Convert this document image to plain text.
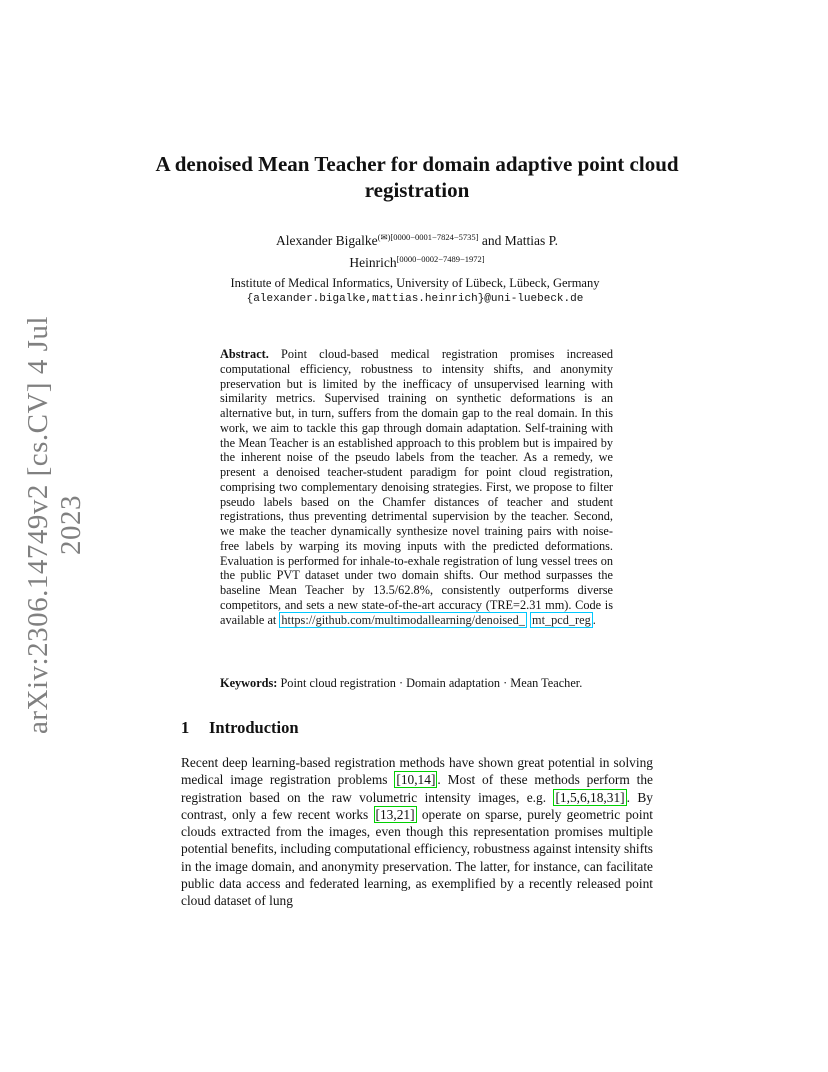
arXiv:2306.14749v2 [cs.CV] 4 Jul 2023
A denoised Mean Teacher for domain adaptive point cloud registration
Alexander Bigalke$^{(✉)[0000-0001-7824-5735]}$ and Mattias P.
Heinrich[0000−0002−7489−1972]
Institute of Medical Informatics, University of Lübeck, Lübeck, Germany
{alexander.bigalke,mattias.heinrich}@uni-luebeck.de
Abstract. Point cloud-based medical registration promises increased computational efficiency, robustness to intensity shifts, and anonymity preservation but is limited by the inefficacy of unsupervised learning with similarity metrics. Supervised training on synthetic deformations is an alternative but, in turn, suffers from the domain gap to the real domain. In this work, we aim to tackle this gap through domain adaptation. Self-training with the Mean Teacher is an established approach to this problem but is impaired by the inherent noise of the pseudo labels from the teacher. As a remedy, we present a denoised teacher-student paradigm for point cloud registration, comprising two complementary denoising strategies. First, we propose to filter pseudo labels based on the Chamfer distances of teacher and student registrations, thus preventing detrimental supervision by the teacher. Second, we make the teacher dynamically synthesize novel training pairs with noise-free labels by warping its moving inputs with the predicted deformations. Evaluation is performed for inhale-to-exhale registration of lung vessel trees on the public PVT dataset under two domain shifts. Our method surpasses the baseline Mean Teacher by 13.5/62.8%, consistently outperforms diverse competitors, and sets a new state-of-the-art accuracy (TRE=2.31 mm). Code is available at https://github.com/multimodallearning/denoised_ mt_pcd_reg .
Keywords: Point cloud registration · Domain adaptation · Mean Teacher.
1 Introduction
Recent deep learning-based registration methods have shown great potential in solving medical image registration problems [10,14] . Most of these methods perform the registration based on the raw volumetric intensity images, e.g. [1,5,6,18,31] . By contrast, only a few recent works [13,21] operate on sparse, purely geometric point clouds extracted from the images, even though this representation promises multiple potential benefits, including computational efficiency, robustness against intensity shifts in the image domain, and anonymity preservation. The latter, for instance, can facilitate public data access and federated learning, as exemplified by a recently released point cloud dataset of lung
